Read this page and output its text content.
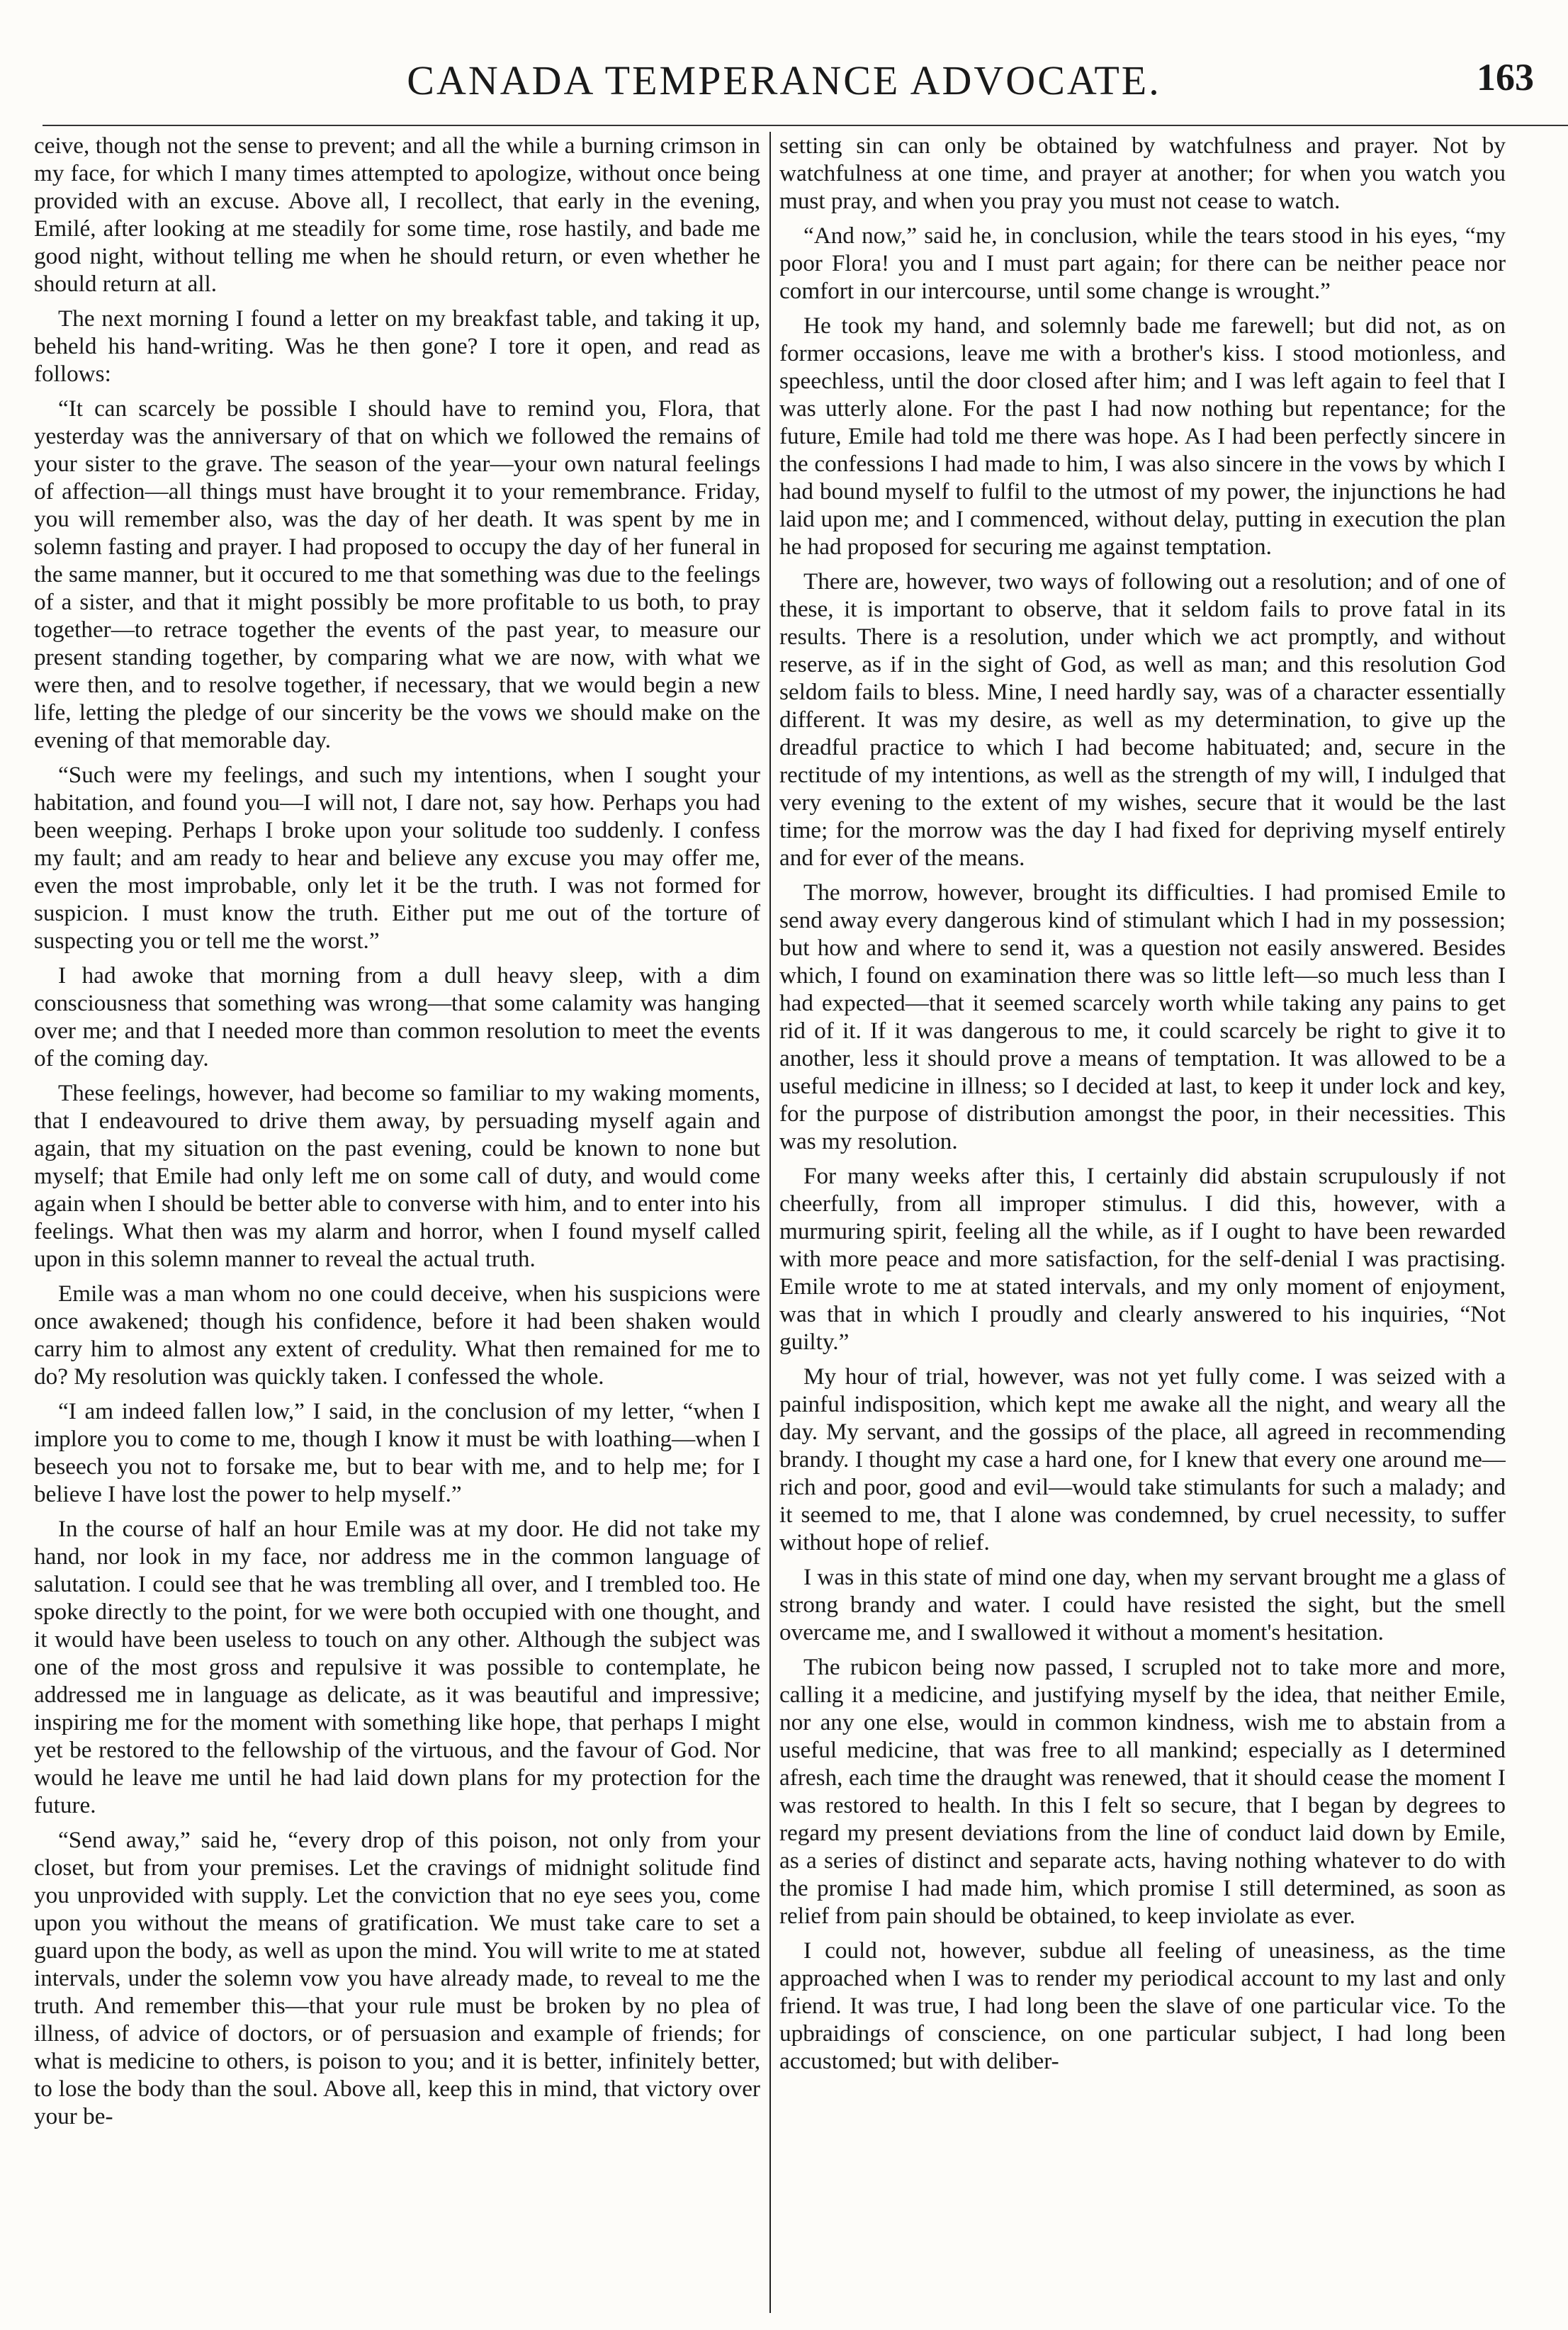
CANADA TEMPERANCE ADVOCATE.	163

ceive, though not the sense to prevent; and all the while a burning crimson in my face, for which I many times attempted to apologize, without once being provided with an excuse. Above all, I recollect, that early in the evening, Emilé, after looking at me steadily for some time, rose hastily, and bade me good night, without telling me when he should return, or even whether he should return at all.

The next morning I found a letter on my breakfast table, and taking it up, beheld his hand-writing. Was he then gone? I tore it open, and read as follows:

“It can scarcely be possible I should have to remind you, Flora, that yesterday was the anniversary of that on which we followed the remains of your sister to the grave. The season of the year—your own natural feelings of affection—all things must have brought it to your remembrance. Friday, you will remember also, was the day of her death. It was spent by me in solemn fasting and prayer. I had proposed to occupy the day of her funeral in the same manner, but it occured to me that something was due to the feelings of a sister, and that it might possibly be more profitable to us both, to pray together—to retrace together the events of the past year, to measure our present standing together, by comparing what we are now, with what we were then, and to resolve together, if necessary, that we would begin a new life, letting the pledge of our sincerity be the vows we should make on the evening of that memorable day.

“Such were my feelings, and such my intentions, when I sought your habitation, and found you—I will not, I dare not, say how. Perhaps you had been weeping. Perhaps I broke upon your solitude too suddenly. I confess my fault; and am ready to hear and believe any excuse you may offer me, even the most improbable, only let it be the truth. I was not formed for suspicion. I must know the truth. Either put me out of the torture of suspecting you or tell me the worst.”

I had awoke that morning from a dull heavy sleep, with a dim consciousness that something was wrong—that some calamity was hanging over me; and that I needed more than common resolution to meet the events of the coming day.

These feelings, however, had become so familiar to my waking moments, that I endeavoured to drive them away, by persuading myself again and again, that my situation on the past evening, could be known to none but myself; that Emile had only left me on some call of duty, and would come again when I should be better able to converse with him, and to enter into his feelings. What then was my alarm and horror, when I found myself called upon in this solemn manner to reveal the actual truth.

Emile was a man whom no one could deceive, when his suspicions were once awakened; though his confidence, before it had been shaken would carry him to almost any extent of credulity. What then remained for me to do? My resolution was quickly taken. I confessed the whole.

“I am indeed fallen low,” I said, in the conclusion of my letter, “when I implore you to come to me, though I know it must be with loathing—when I beseech you not to forsake me, but to bear with me, and to help me; for I believe I have lost the power to help myself.”

In the course of half an hour Emile was at my door. He did not take my hand, nor look in my face, nor address me in the common language of salutation. I could see that he was trembling all over, and I trembled too. He spoke directly to the point, for we were both occupied with one thought, and it would have been useless to touch on any other. Although the subject was one of the most gross and repulsive it was possible to contemplate, he addressed me in language as delicate, as it was beautiful and impressive; inspiring me for the moment with something like hope, that perhaps I might yet be restored to the fellowship of the virtuous, and the favour of God. Nor would he leave me until he had laid down plans for my protection for the future.

“Send away,” said he, “every drop of this poison, not only from your closet, but from your premises. Let the cravings of midnight solitude find you unprovided with supply. Let the conviction that no eye sees you, come upon you without the means of gratification. We must take care to set a guard upon the body, as well as upon the mind. You will write to me at stated intervals, under the solemn vow you have already made, to reveal to me the truth. And remember this—that your rule must be broken by no plea of illness, of advice of doctors, or of persuasion and example of friends; for what is medicine to others, is poison to you; and it is better, infinitely better, to lose the body than the soul. Above all, keep this in mind, that victory over your be-

setting sin can only be obtained by watchfulness and prayer. Not by watchfulness at one time, and prayer at another; for when you watch you must pray, and when you pray you must not cease to watch.

“And now,” said he, in conclusion, while the tears stood in his eyes, “my poor Flora! you and I must part again; for there can be neither peace nor comfort in our intercourse, until some change is wrought.”

He took my hand, and solemnly bade me farewell; but did not, as on former occasions, leave me with a brother's kiss. I stood motionless, and speechless, until the door closed after him; and I was left again to feel that I was utterly alone. For the past I had now nothing but repentance; for the future, Emile had told me there was hope. As I had been perfectly sincere in the confessions I had made to him, I was also sincere in the vows by which I had bound myself to fulfil to the utmost of my power, the injunctions he had laid upon me; and I commenced, without delay, putting in execution the plan he had proposed for securing me against temptation.

There are, however, two ways of following out a resolution; and of one of these, it is important to observe, that it seldom fails to prove fatal in its results. There is a resolution, under which we act promptly, and without reserve, as if in the sight of God, as well as man; and this resolution God seldom fails to bless. Mine, I need hardly say, was of a character essentially different. It was my desire, as well as my determination, to give up the dreadful practice to which I had become habituated; and, secure in the rectitude of my intentions, as well as the strength of my will, I indulged that very evening to the extent of my wishes, secure that it would be the last time; for the morrow was the day I had fixed for depriving myself entirely and for ever of the means.

The morrow, however, brought its difficulties. I had promised Emile to send away every dangerous kind of stimulant which I had in my possession; but how and where to send it, was a question not easily answered. Besides which, I found on examination there was so little left—so much less than I had expected—that it seemed scarcely worth while taking any pains to get rid of it. If it was dangerous to me, it could scarcely be right to give it to another, less it should prove a means of temptation. It was allowed to be a useful medicine in illness; so I decided at last, to keep it under lock and key, for the purpose of distribution amongst the poor, in their necessities. This was my resolution.

For many weeks after this, I certainly did abstain scrupulously if not cheerfully, from all improper stimulus. I did this, however, with a murmuring spirit, feeling all the while, as if I ought to have been rewarded with more peace and more satisfaction, for the self-denial I was practising. Emile wrote to me at stated intervals, and my only moment of enjoyment, was that in which I proudly and clearly answered to his inquiries, “Not guilty.”

My hour of trial, however, was not yet fully come. I was seized with a painful indisposition, which kept me awake all the night, and weary all the day. My servant, and the gossips of the place, all agreed in recommending brandy. I thought my case a hard one, for I knew that every one around me—rich and poor, good and evil—would take stimulants for such a malady; and it seemed to me, that I alone was condemned, by cruel necessity, to suffer without hope of relief.

I was in this state of mind one day, when my servant brought me a glass of strong brandy and water. I could have resisted the sight, but the smell overcame me, and I swallowed it without a moment's hesitation.

The rubicon being now passed, I scrupled not to take more and more, calling it a medicine, and justifying myself by the idea, that neither Emile, nor any one else, would in common kindness, wish me to abstain from a useful medicine, that was free to all mankind; especially as I determined afresh, each time the draught was renewed, that it should cease the moment I was restored to health. In this I felt so secure, that I began by degrees to regard my present deviations from the line of conduct laid down by Emile, as a series of distinct and separate acts, having nothing whatever to do with the promise I had made him, which promise I still determined, as soon as relief from pain should be obtained, to keep inviolate as ever.

I could not, however, subdue all feeling of uneasiness, as the time approached when I was to render my periodical account to my last and only friend. It was true, I had long been the slave of one particular vice. To the upbraidings of conscience, on one particular subject, I had long been accustomed; but with deliber-
